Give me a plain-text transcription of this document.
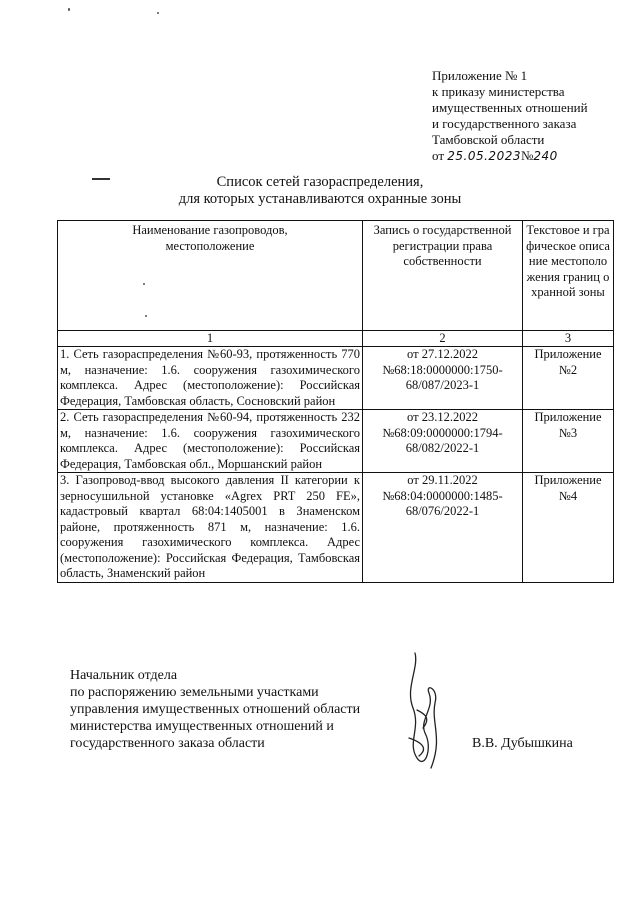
Приложение № 1
к приказу министерства
имущественных отношений
и государственного заказа
Тамбовской области
от 25.05.2023№240
Список сетей газораспределения,
для которых устанавливаются охранные зоны
Наименование газопроводов, местоположение	Запись о государственной регистрации права собственности	Текстовое и графическое описание местоположения границ охранной зоны
1	2	3
1. Сеть газораспределения №60-93, протяженность 770 м, назначение: 1.6. сооружения газохимического комплекса. Адрес (местоположение): Российская Федерация, Тамбовская область, Сосновский район	от 27.12.2022 №68:18:0000000:1750-68/087/2023-1	Приложение №2
2. Сеть газораспределения №60-94, протяженность 232 м, назначение: 1.6. сооружения газохимического комплекса. Адрес (местоположение): Российская Федерация, Тамбовская обл., Моршанский район	от 23.12.2022 №68:09:0000000:1794-68/082/2022-1	Приложение №3
3. Газопровод-ввод высокого давления II категории к зерносушильной установке «Agrex PRT 250 FE», кадастровый квартал 68:04:1405001 в Знаменском районе, протяженность 871 м, назначение: 1.6. сооружения газохимического комплекса. Адрес (местоположение): Российская Федерация, Тамбовская область, Знаменский район	от 29.11.2022 №68:04:0000000:1485-68/076/2022-1	Приложение №4
Начальник отдела
по распоряжению земельными участками
управления имущественных отношений области
министерства имущественных отношений и
государственного заказа области	В.В. Дубышкина
